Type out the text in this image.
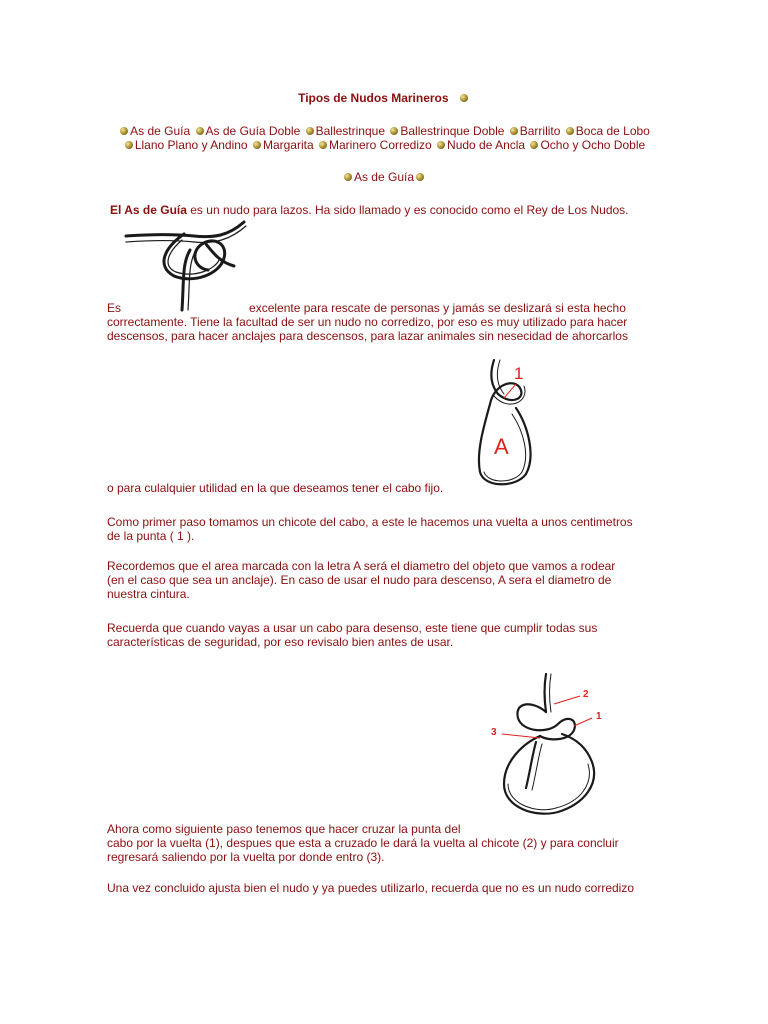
Tipos de Nudos Marineros
As de Guía As de Guía Doble Ballestrinque Ballestrinque Doble Barrilito Boca de Lobo Llano Plano y Andino Margarita Marinero Corredizo Nudo de Ancla Ocho y Ocho Doble
As de Guía
El As de Guía es un nudo para lazos. Ha sido llamado y es conocido como el Rey de Los Nudos.
Es	excelente para rescate de personas y jamás se deslizará si esta hecho
correctamente. Tiene la facultad de ser un nudo no corredizo, por eso es muy utilizado para hacer
descensos, para hacer anclajes para descensos, para lazar animales sin nesecidad de ahorcarlos
1
A
o para culalquier utilidad en la que deseamos tener el cabo fijo.
Como primer paso tomamos un chicote del cabo, a este le hacemos una vuelta a unos centimetros
de la punta ( 1 ).
Recordemos que el area marcada con la letra A será el diametro del objeto que vamos a rodear
(en el caso que sea un anclaje). En caso de usar el nudo para descenso, A sera el diametro de
nuestra cintura.
Recuerda que cuando vayas a usar un cabo para desenso, este tiene que cumplir todas sus
características de seguridad, por eso revisalo bien antes de usar.
2
1
3
Ahora como siguiente paso tenemos que hacer cruzar la punta del
cabo por la vuelta (1), despues que esta a cruzado le dará la vuelta al chicote (2) y para concluir
regresará saliendo por la vuelta por donde entro (3).
Una vez concluido ajusta bien el nudo y ya puedes utilizarlo, recuerda que no es un nudo corredizo
